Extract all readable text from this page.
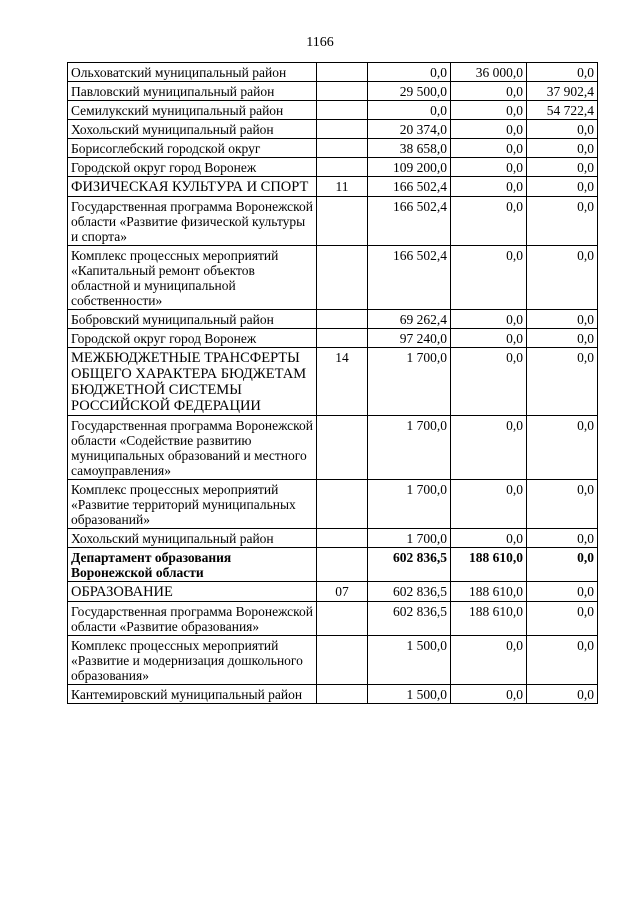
1166
Ольховатский муниципальный район		0,0	36 000,0	0,0
Павловский муниципальный район		29 500,0	0,0	37 902,4
Семилукский муниципальный район		0,0	0,0	54 722,4
Хохольский муниципальный район		20 374,0	0,0	0,0
Борисоглебский городской округ		38 658,0	0,0	0,0
Городской округ город Воронеж		109 200,0	0,0	0,0
ФИЗИЧЕСКАЯ КУЛЬТУРА И СПОРТ	11	166 502,4	0,0	0,0
Государственная программа Воронежской области «Развитие физической культуры и спорта»		166 502,4	0,0	0,0
Комплекс процессных мероприятий «Капитальный ремонт объектов областной и муниципальной собственности»		166 502,4	0,0	0,0
Бобровский муниципальный район		69 262,4	0,0	0,0
Городской округ город Воронеж		97 240,0	0,0	0,0
МЕЖБЮДЖЕТНЫЕ ТРАНСФЕРТЫ ОБЩЕГО ХАРАКТЕРА БЮДЖЕТАМ БЮДЖЕТНОЙ СИСТЕМЫ РОССИЙСКОЙ ФЕДЕРАЦИИ	14	1 700,0	0,0	0,0
Государственная программа Воронежской области «Содействие развитию муниципальных образований и местного самоуправления»		1 700,0	0,0	0,0
Комплекс процессных мероприятий «Развитие территорий муниципальных образований»		1 700,0	0,0	0,0
Хохольский муниципальный район		1 700,0	0,0	0,0
Департамент образования Воронежской области		602 836,5	188 610,0	0,0
ОБРАЗОВАНИЕ	07	602 836,5	188 610,0	0,0
Государственная программа Воронежской области «Развитие образования»		602 836,5	188 610,0	0,0
Комплекс процессных мероприятий «Развитие и модернизация дошкольного образования»		1 500,0	0,0	0,0
Кантемировский муниципальный район		1 500,0	0,0	0,0
